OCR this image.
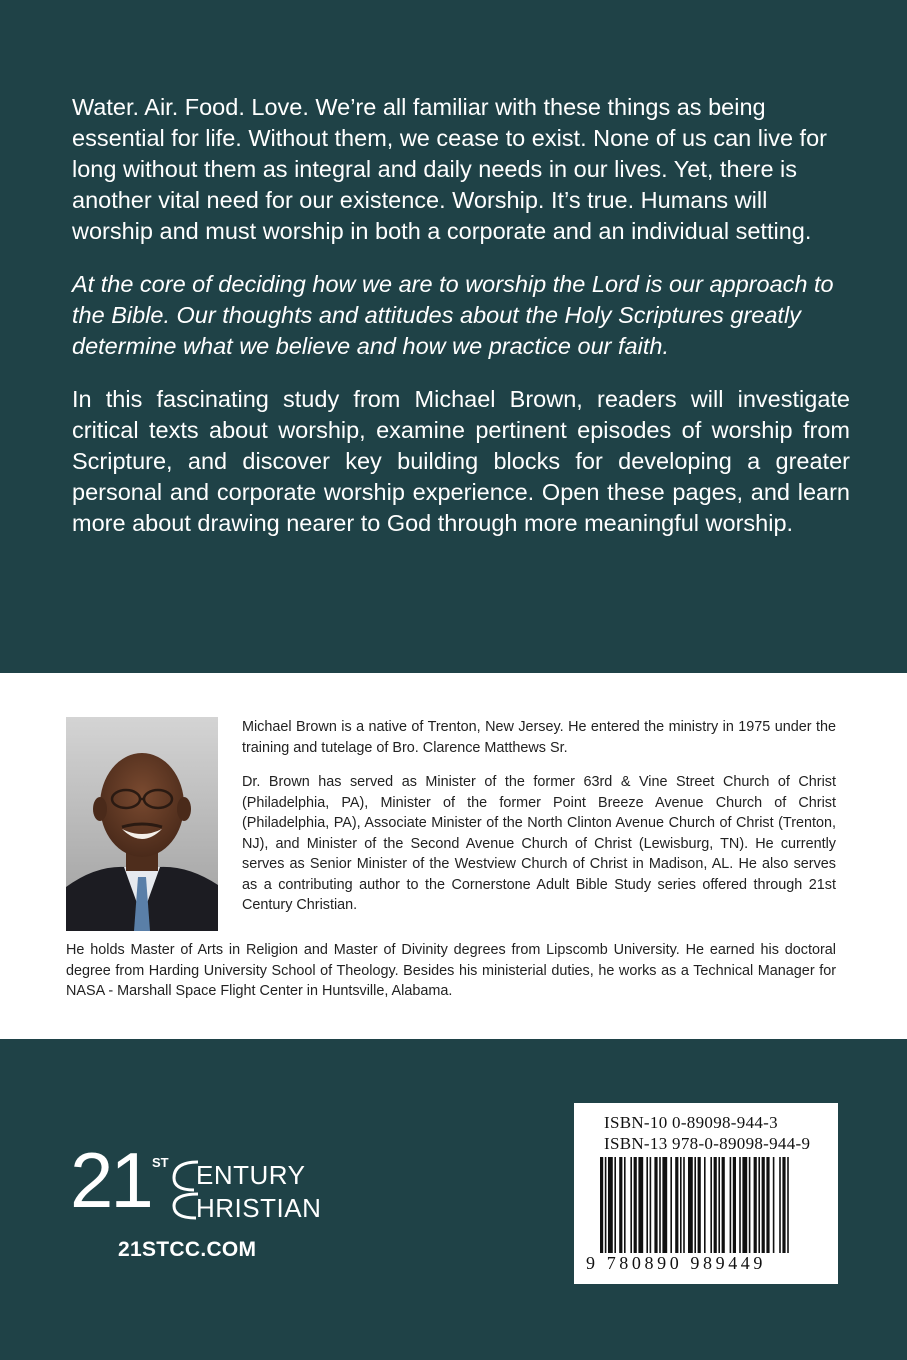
Water. Air. Food. Love. We’re all familiar with these things as being essential for life. Without them, we cease to exist. None of us can live for long without them as integral and daily needs in our lives. Yet, there is another vital need for our existence. Worship. It’s true. Humans will worship and must worship in both a corporate and an individual setting.

At the core of deciding how we are to worship the Lord is our approach to the Bible. Our thoughts and attitudes about the Holy Scriptures greatly determine what we believe and how we practice our faith.

In this fascinating study from Michael Brown, readers will investigate critical texts about worship, examine pertinent episodes of worship from Scripture, and discover key building blocks for developing a greater personal and corporate worship experience. Open these pages, and learn more about drawing nearer to God through more meaningful worship.

Michael Brown is a native of Trenton, New Jersey. He entered the ministry in 1975 under the training and tutelage of Bro. Clarence Matthews Sr.

Dr. Brown has served as Minister of the former 63rd & Vine Street Church of Christ (Philadelphia, PA), Minister of the former Point Breeze Avenue Church of Christ (Philadelphia, PA), Associate Minister of the North Clinton Avenue Church of Christ (Trenton, NJ), and Minister of the Second Avenue Church of Christ (Lewisburg, TN). He currently serves as Senior Minister of the Westview Church of Christ in Madison, AL. He also serves as a contributing author to the Cornerstone Adult Bible Study series offered through 21st Century Christian.

He holds Master of Arts in Religion and Master of Divinity degrees from Lipscomb University. He earned his doctoral degree from Harding University School of Theology. Besides his ministerial duties, he works as a Technical Manager for NASA - Marshall Space Flight Center in Huntsville, Alabama.

21 ST ENTURY
HRISTIAN
21STCC.COM
ISBN-10 0-89098-944-3
ISBN-13 978-0-89098-944-9
9 780890 989449
